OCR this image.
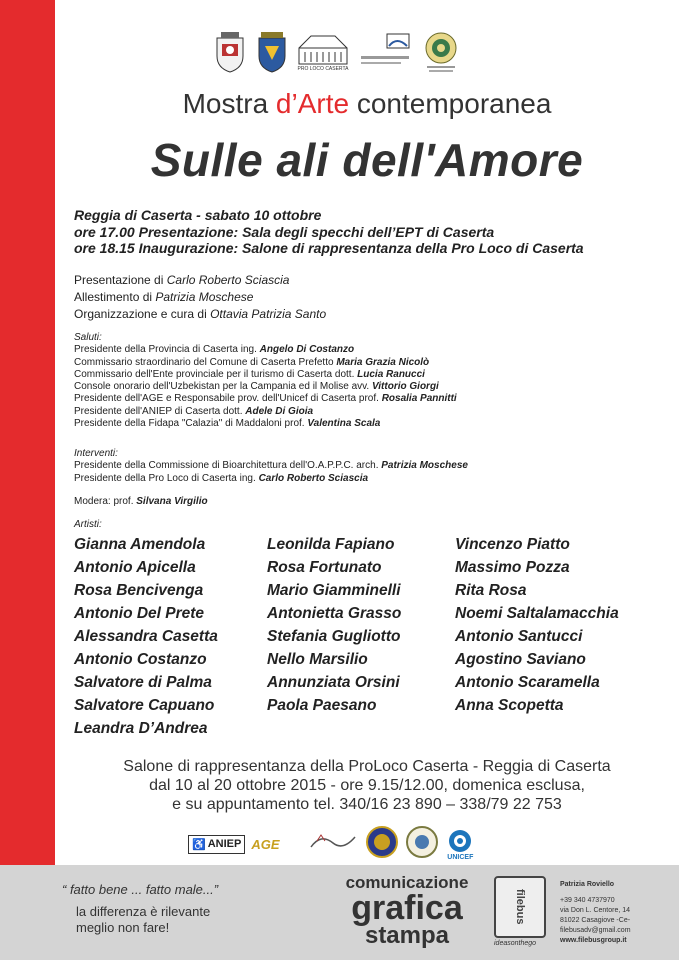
PRO LOCO CASERTA
Mostra d’Arte contemporanea
Sulle ali dell'Amore
Reggia di Caserta - sabato 10 ottobre
ore 17.00 Presentazione: Sala degli specchi dell’EPT di Caserta
ore 18.15 Inaugurazione: Salone di rappresentanza della Pro Loco di Caserta
Presentazione di Carlo Roberto Sciascia
Allestimento di Patrizia Moschese
Organizzazione e cura di Ottavia Patrizia Santo
Saluti:
Presidente della Provincia di Caserta ing. Angelo Di Costanzo
Commissario straordinario del Comune di Caserta Prefetto Maria Grazia Nicolò
Commissario dell'Ente provinciale per il turismo di Caserta dott. Lucia Ranucci
Console onorario dell'Uzbekistan per la Campania ed il Molise avv. Vittorio Giorgi
Presidente dell'AGE e Responsabile prov. dell'Unicef di Caserta prof. Rosalia Pannitti
Presidente dell'ANIEP di Caserta dott. Adele Di Gioia
Presidente della Fidapa "Calazia" di Maddaloni prof. Valentina Scala
Interventi:
Presidente della Commissione di Bioarchitettura dell'O.A.P.P.C. arch. Patrizia Moschese
Presidente della Pro Loco di Caserta ing. Carlo Roberto Sciascia
Modera: prof. Silvana Virgilio
Artisti:
Gianna Amendola
Antonio Apicella
Rosa Bencivenga
Antonio Del Prete
Alessandra Casetta
Antonio Costanzo
Salvatore di Palma
Salvatore Capuano
Leandra D’Andrea
Leonilda Fapiano
Rosa Fortunato
Mario Giamminelli
Antonietta Grasso
Stefania Gugliotto
Nello Marsilio
Annunziata Orsini
Paola Paesano
Vincenzo Piatto
Massimo Pozza
Rita Rosa
Noemi Saltalamacchia
Antonio Santucci
Agostino Saviano
Antonio Scaramella
Anna Scopetta
Salone di rappresentanza della ProLoco Caserta - Reggia di Caserta
dal 10 al 20 ottobre 2015 - ore 9.15/12.00, domenica esclusa,
e su appuntamento tel. 340/16 23 890 – 338/79 22 753
♿ ANIEP AGE
UNICEF
“ fatto bene ... fatto male...”
la differenza è rilevante
meglio non fare!
comunicazione
grafica
stampa
filebus
ideasonthego
Patrizia Roviello
+39 340 4737970
via Don L. Centore, 14
81022 Casagiove -Ce-
filebusadv@gmail.com
www.filebusgroup.it
